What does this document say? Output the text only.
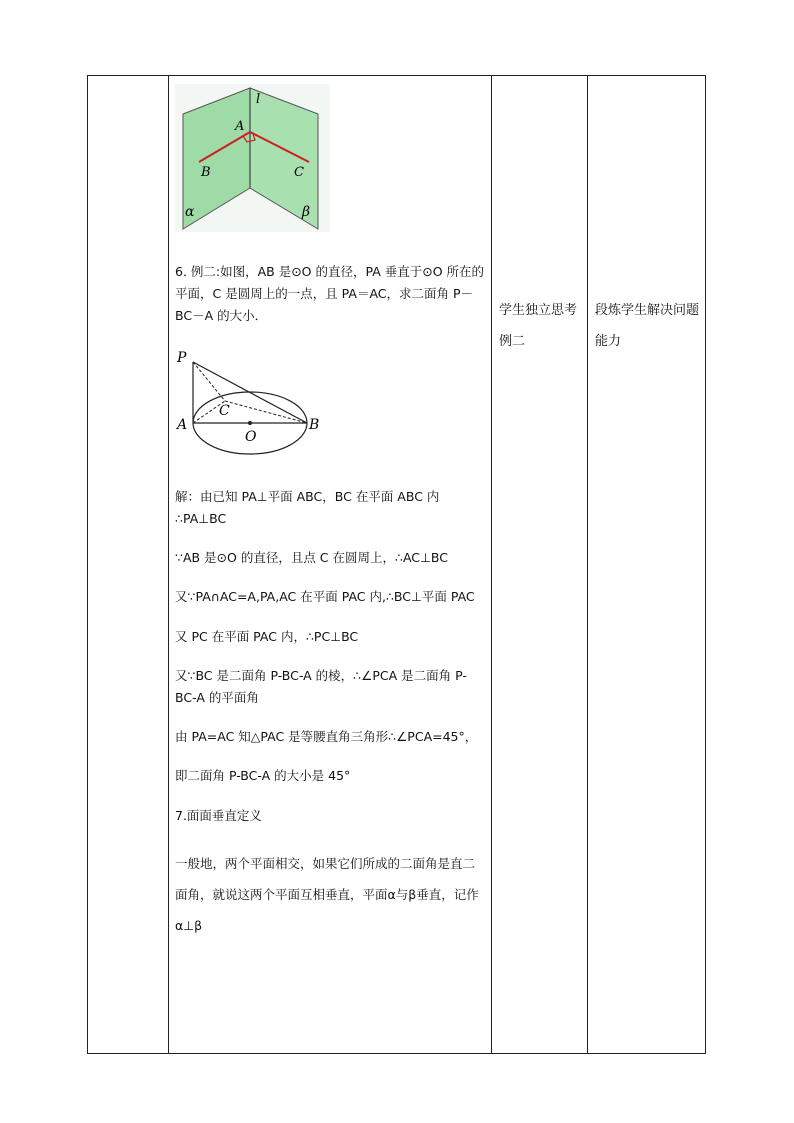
l
A
B	C
α	β
6. 例二:如图，AB 是⊙O 的直径，PA 垂直于⊙O 所在的平面，C 是圆周上的一点，且 PA＝AC，求二面角 P－BC－A 的大小．
P
A	B
C
O
解：由已知 PA⊥平面 ABC，BC 在平面 ABC 内∴PA⊥BC
∵AB 是⊙O 的直径，且点 C 在圆周上，∴AC⊥BC
又∵PA∩AC=A,PA,AC 在平面 PAC 内,∴BC⊥平面 PAC
又 PC 在平面 PAC 内，∴PC⊥BC
又∵BC 是二面角 P-BC-A 的棱，∴∠PCA 是二面角 P-BC-A 的平面角
由 PA=AC 知△PAC 是等腰直角三角形∴∠PCA=45°，
即二面角 P-BC-A 的大小是 45°
7.面面垂直定义
一般地，两个平面相交，如果它们所成的二面角是直二面角，就说这两个平面互相垂直，平面α与β垂直，记作α⊥β
学生独立思考例二
段炼学生解决问题能力
